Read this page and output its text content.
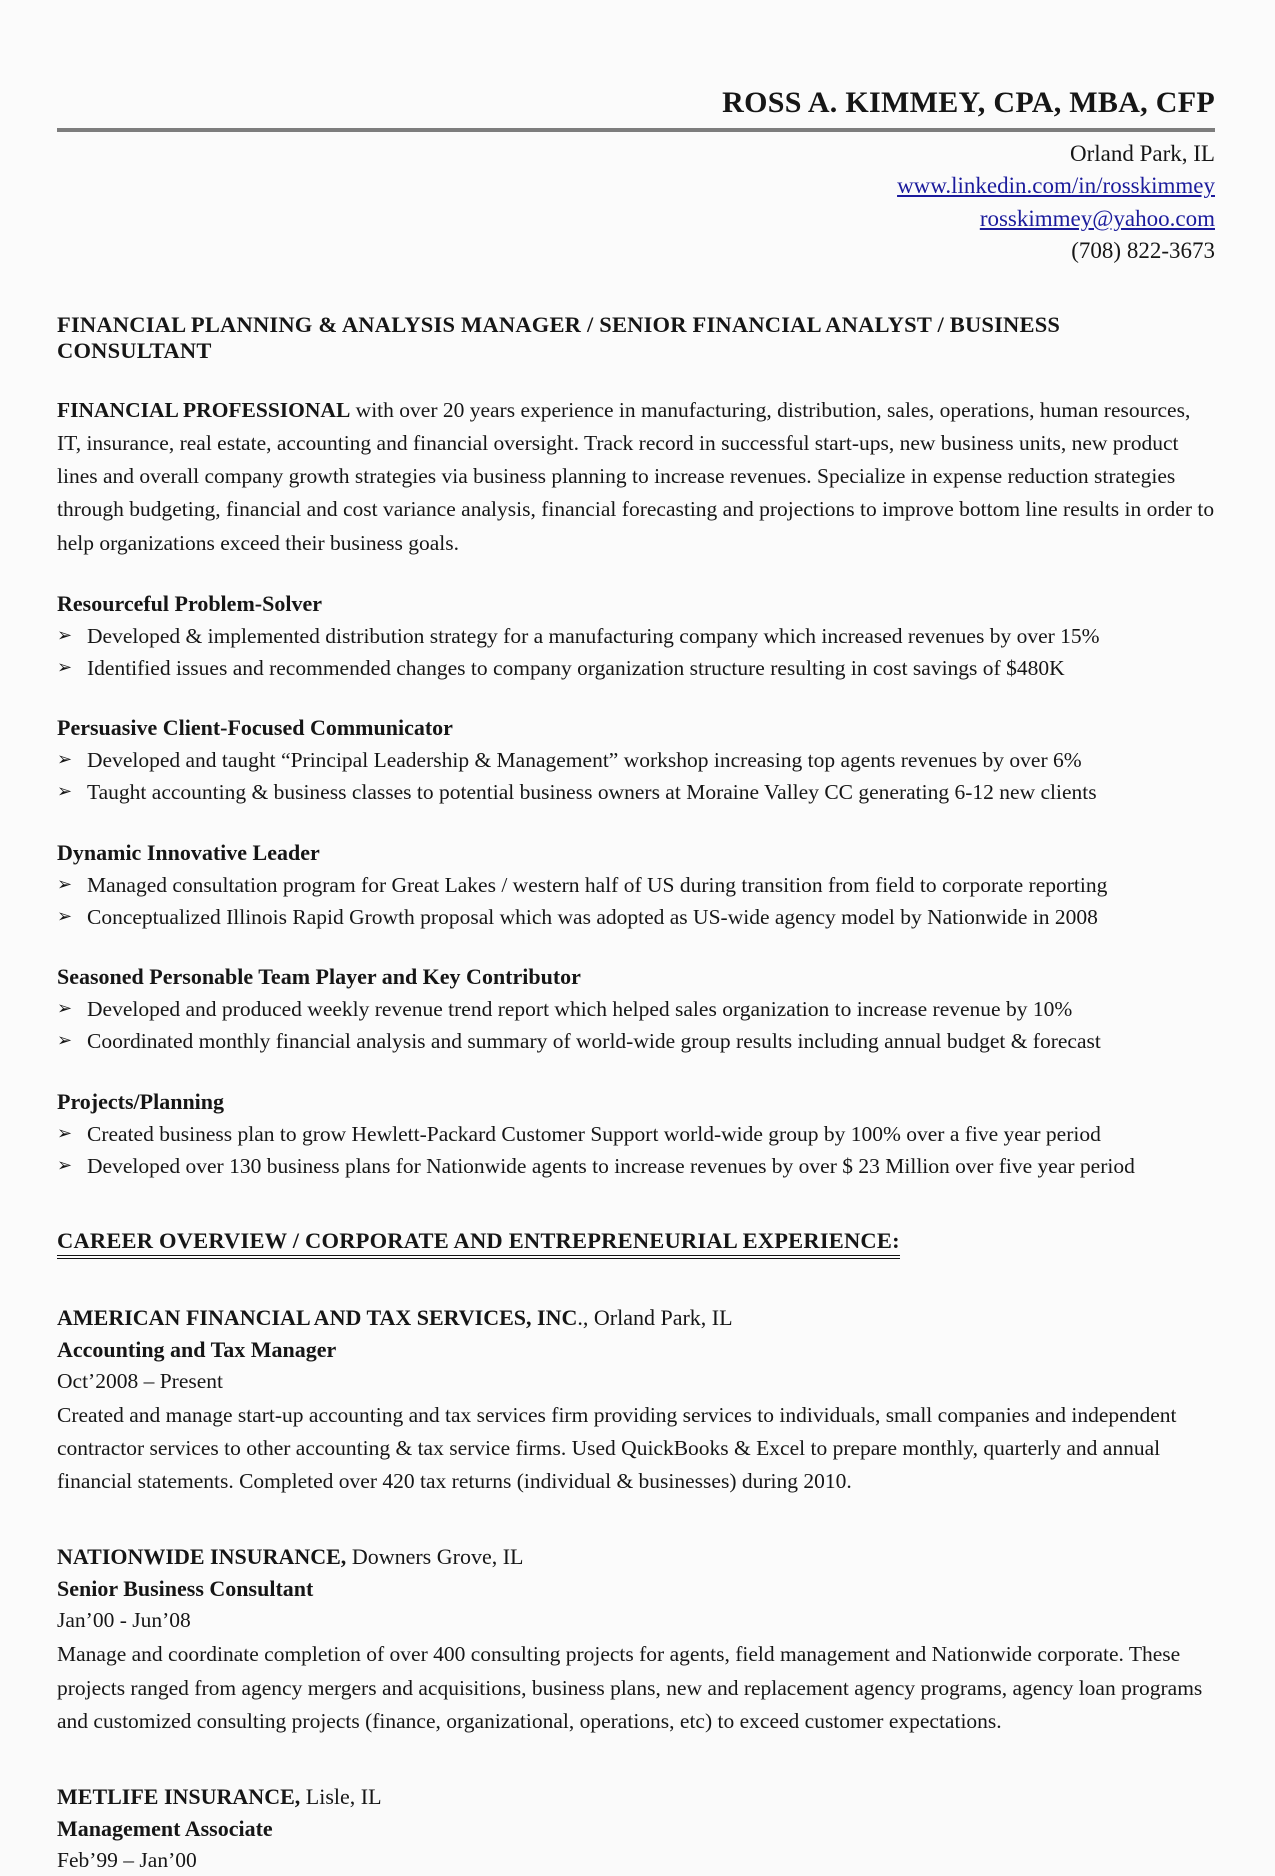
ROSS A. KIMMEY, CPA, MBA, CFP
Orland Park, IL
www.linkedin.com/in/rosskimmey
rosskimmey@yahoo.com
(708) 822-3673
FINANCIAL PLANNING & ANALYSIS MANAGER / SENIOR FINANCIAL ANALYST / BUSINESS CONSULTANT

FINANCIAL PROFESSIONAL with over 20 years experience in manufacturing, distribution, sales, operations, human resources, IT, insurance, real estate, accounting and financial oversight. Track record in successful start-ups, new business units, new product lines and overall company growth strategies via business planning to increase revenues. Specialize in expense reduction strategies through budgeting, financial and cost variance analysis, financial forecasting and projections to improve bottom line results in order to help organizations exceed their business goals.

Resourceful Problem-Solver
➢ Developed & implemented distribution strategy for a manufacturing company which increased revenues by over 15%
➢ Identified issues and recommended changes to company organization structure resulting in cost savings of $480K
Persuasive Client-Focused Communicator
➢ Developed and taught “Principal Leadership & Management” workshop increasing top agents revenues by over 6%
➢ Taught accounting & business classes to potential business owners at Moraine Valley CC generating 6-12 new clients
Dynamic Innovative Leader
➢ Managed consultation program for Great Lakes / western half of US during transition from field to corporate reporting
➢ Conceptualized Illinois Rapid Growth proposal which was adopted as US-wide agency model by Nationwide in 2008
Seasoned Personable Team Player and Key Contributor
➢ Developed and produced weekly revenue trend report which helped sales organization to increase revenue by 10%
➢ Coordinated monthly financial analysis and summary of world-wide group results including annual budget & forecast
Projects/Planning
➢ Created business plan to grow Hewlett-Packard Customer Support world-wide group by 100% over a five year period
➢ Developed over 130 business plans for Nationwide agents to increase revenues by over $ 23 Million over five year period
CAREER OVERVIEW / CORPORATE AND ENTREPRENEURIAL EXPERIENCE:
AMERICAN FINANCIAL AND TAX SERVICES, INC., Orland Park, IL
Accounting and Tax Manager
Oct’2008 – Present

Created and manage start-up accounting and tax services firm providing services to individuals, small companies and independent contractor services to other accounting & tax service firms. Used QuickBooks & Excel to prepare monthly, quarterly and annual financial statements. Completed over 420 tax returns (individual & businesses) during 2010.

NATIONWIDE INSURANCE, Downers Grove, IL
Senior Business Consultant
Jan’00 - Jun’08

Manage and coordinate completion of over 400 consulting projects for agents, field management and Nationwide corporate. These projects ranged from agency mergers and acquisitions, business plans, new and replacement agency programs, agency loan programs and customized consulting projects (finance, organizational, operations, etc) to exceed customer expectations.

METLIFE INSURANCE, Lisle, IL
Management Associate
Feb’99 – Jan’00
